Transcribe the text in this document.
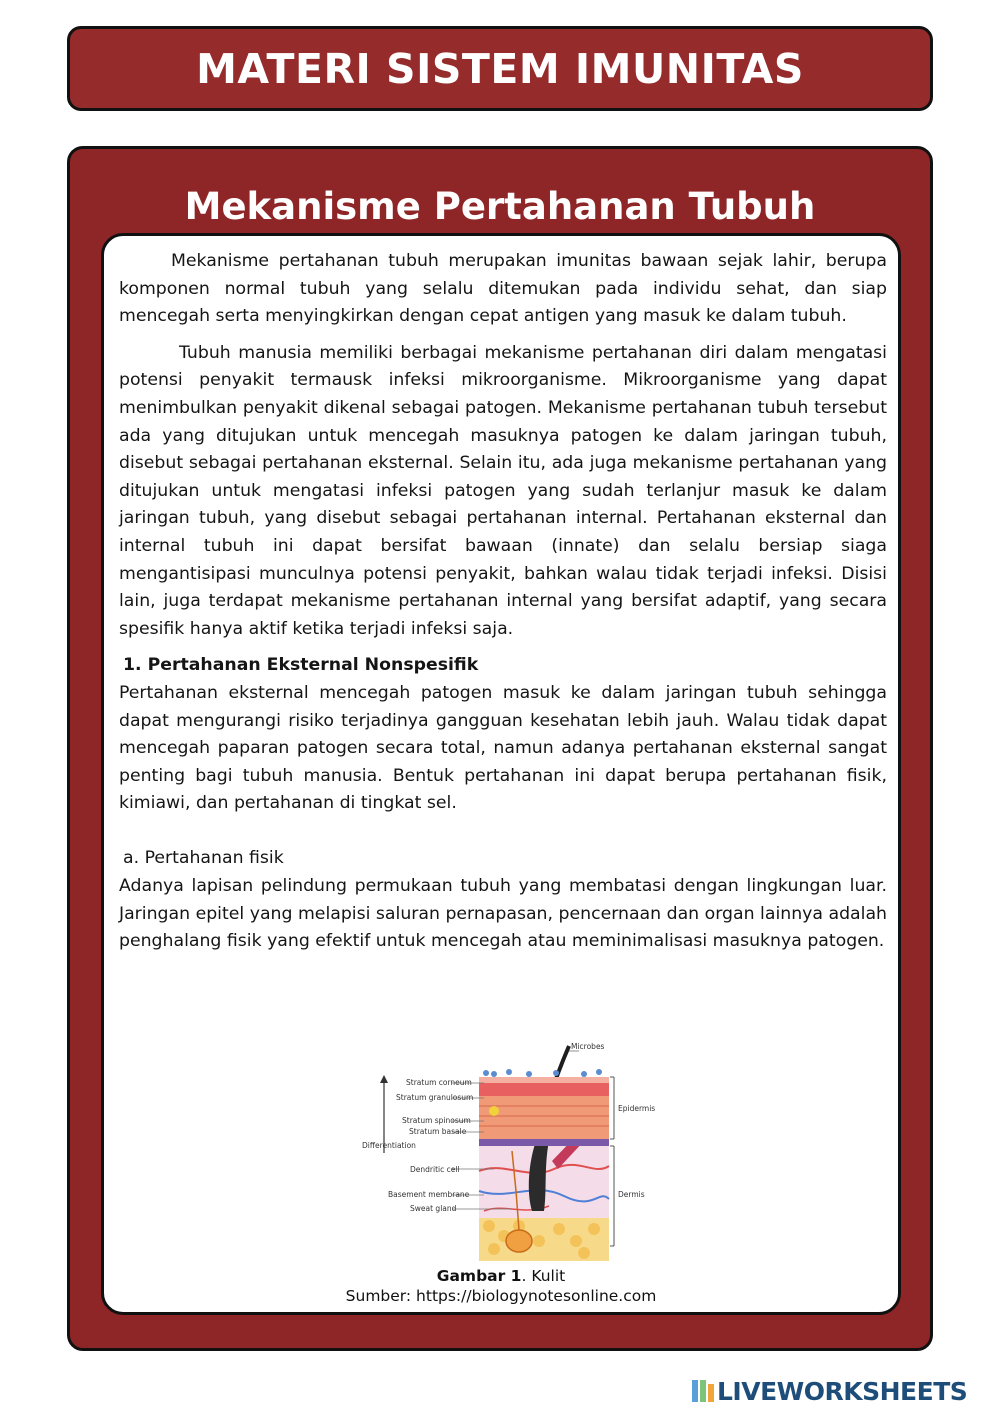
MATERI SISTEM IMUNITAS
Mekanisme Pertahanan Tubuh

Mekanisme pertahanan tubuh merupakan imunitas bawaan sejak lahir, berupa komponen normal tubuh yang selalu ditemukan pada individu sehat, dan siap mencegah serta menyingkirkan dengan cepat antigen yang masuk ke dalam tubuh.

Tubuh manusia memiliki berbagai mekanisme pertahanan diri dalam mengatasi potensi penyakit termausk infeksi mikroorganisme. Mikroorganisme yang dapat menimbulkan penyakit dikenal sebagai patogen. Mekanisme pertahanan tubuh tersebut ada yang ditujukan untuk mencegah masuknya patogen ke dalam jaringan tubuh, disebut sebagai pertahanan eksternal. Selain itu, ada juga mekanisme pertahanan yang ditujukan untuk mengatasi infeksi patogen yang sudah terlanjur masuk ke dalam jaringan tubuh, yang disebut sebagai pertahanan internal. Pertahanan eksternal dan internal tubuh ini dapat bersifat bawaan (innate) dan selalu bersiap siaga mengantisipasi munculnya potensi penyakit, bahkan walau tidak terjadi infeksi. Disisi lain, juga terdapat mekanisme pertahanan internal yang bersifat adaptif, yang secara spesifik hanya aktif ketika terjadi infeksi saja.

1. Pertahanan Eksternal Nonspesifik

Pertahanan eksternal mencegah patogen masuk ke dalam jaringan tubuh sehingga dapat mengurangi risiko terjadinya gangguan kesehatan lebih jauh. Walau tidak dapat mencegah paparan patogen secara total, namun adanya pertahanan eksternal sangat penting bagi tubuh manusia. Bentuk pertahanan ini dapat berupa pertahanan fisik, kimiawi, dan pertahanan di tingkat sel.

a. Pertahanan fisik

Adanya lapisan pelindung permukaan tubuh yang membatasi dengan lingkungan luar. Jaringan epitel yang melapisi saluran pernapasan, pencernaan dan organ lainnya adalah penghalang fisik yang efektif untuk mencegah atau meminimalisasi masuknya patogen.

Microbes
Stratum corneum
Stratum granulosum
Stratum spinosum
Stratum basale
Differentiation
Dendritic cell
Basement membrane
Sweat gland
Epidermis
Dermis
Gambar 1. Kulit
Sumber: https://biologynotesonline.com
LIVEWORKSHEETS
